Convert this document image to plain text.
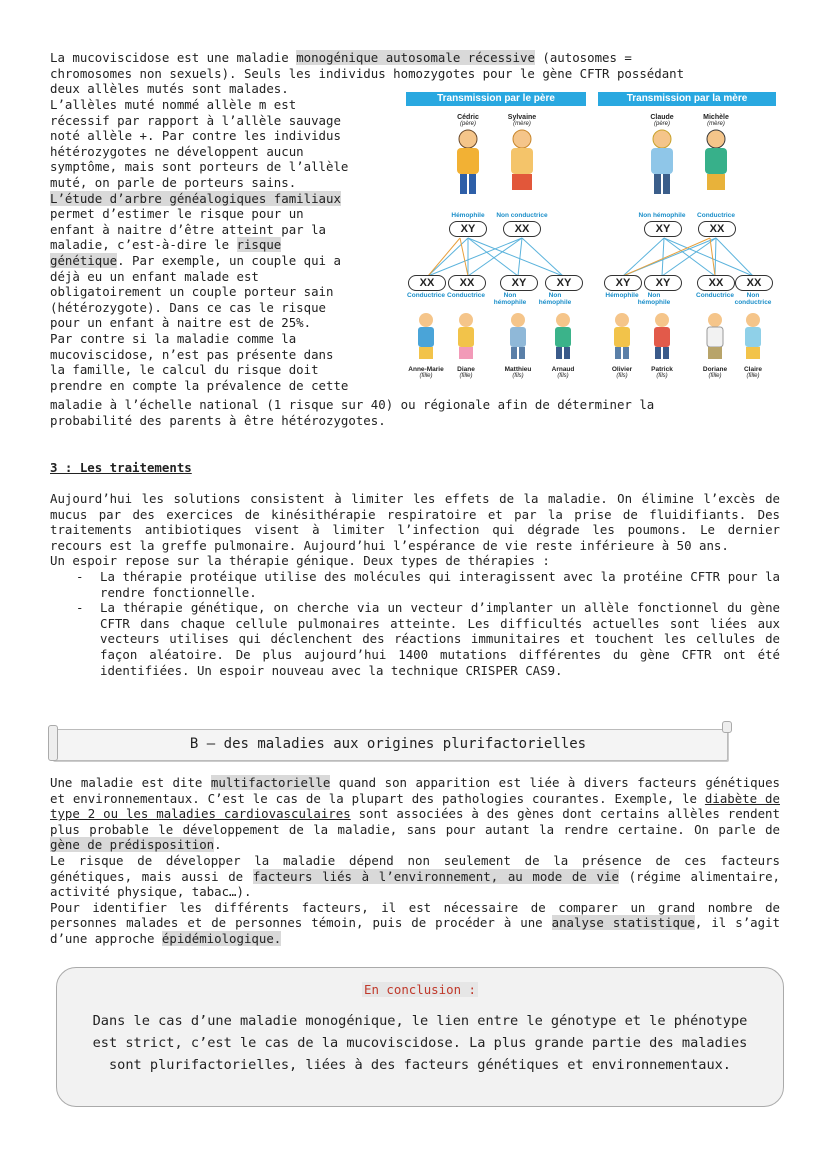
La mucoviscidose est une maladie monogénique autosomale récessive (autosomes =
chromosomes non sexuels). Seuls les individus homozygotes pour le gène CFTR possédant
deux allèles mutés sont malades.
L’allèles muté nommé allèle m est
récessif par rapport à l’allèle sauvage
noté allèle +. Par contre les individus
hétérozygotes ne développent aucun
symptôme, mais sont porteurs de l’allèle
muté, on parle de porteurs sains.
L’étude d’arbre généalogiques familiaux
permet d’estimer le risque pour un
enfant à naitre d’être atteint par la
maladie, c’est-à-dire le risque
génétique. Par exemple, un couple qui a
déjà eu un enfant malade est
obligatoirement un couple porteur sain
(hétérozygote). Dans ce cas le risque
pour un enfant à naitre est de 25%.
Par contre si la maladie comme la
mucoviscidose, n’est pas présente dans
la famille, le calcul du risque doit
prendre en compte la prévalence de cette
Transmission par le père	Transmission par la mère
Cédric
(père)
Sylvaine
(mère)
Claude
(père)
Michèle
(mère)
Hémophile	Non conductrice	Non hémophile	Conductrice
XY	XX	XY	XX
XX	XX	XY	XY	XY	XY	XX	XX
Conductrice Conductrice	Non hémophile
Non hémophile
Hémophile	Non hémophile
Conductrice	Non conductrice
Anne-Marie
(fille)
Diane
(fille)
Matthieu
(fils)
Arnaud
(fils)
Olivier
(fils)
Patrick
(fils)
Doriane
(fille)
Claire
(fille)
maladie à l’échelle national (1 risque sur 40) ou régionale afin de déterminer la
probabilité des parents à être hétérozygotes.
3 : Les traitements
Aujourd’hui les solutions consistent à limiter les effets de la maladie. On élimine l’excès de mucus par des exercices de kinésithérapie respiratoire et par la prise de fluidifiants. Des traitements antibiotiques visent à limiter l’infection qui dégrade les poumons. Le dernier recours est la greffe pulmonaire. Aujourd’hui l’espérance de vie reste inférieure à 50 ans.
Un espoir repose sur la thérapie génique. Deux types de thérapies :
- La thérapie protéique utilise des molécules qui interagissent avec la protéine CFTR pour la rendre fonctionnelle.
- La thérapie génétique, on cherche via un vecteur d’implanter un allèle fonctionnel du gène CFTR dans chaque cellule pulmonaires atteinte. Les difficultés actuelles sont liées aux vecteurs utilises qui déclenchent des réactions immunitaires et touchent les cellules de façon aléatoire. De plus aujourd’hui 1400 mutations différentes du gène CFTR ont été identifiées. Un espoir nouveau avec la technique CRISPER CAS9.
B – des maladies aux origines plurifactorielles
Une maladie est dite multifactorielle quand son apparition est liée à divers facteurs génétiques et environnementaux. C’est le cas de la plupart des pathologies courantes. Exemple, le diabète de type 2 ou les maladies cardiovasculaires sont associées à des gènes dont certains allèles rendent plus probable le développement de la maladie, sans pour autant la rendre certaine. On parle de gène de prédisposition.
Le risque de développer la maladie dépend non seulement de la présence de ces facteurs génétiques, mais aussi de facteurs liés à l’environnement, au mode de vie (régime alimentaire, activité physique, tabac…).
Pour identifier les différents facteurs, il est nécessaire de comparer un grand nombre de personnes malades et de personnes témoin, puis de procéder à une analyse statistique, il s’agit d’une approche épidémiologique.
En conclusion :
Dans le cas d’une maladie monogénique, le lien entre le génotype et le phénotype est strict, c’est le cas de la mucoviscidose. La plus grande partie des maladies sont plurifactorielles, liées à des facteurs génétiques et environnementaux.
